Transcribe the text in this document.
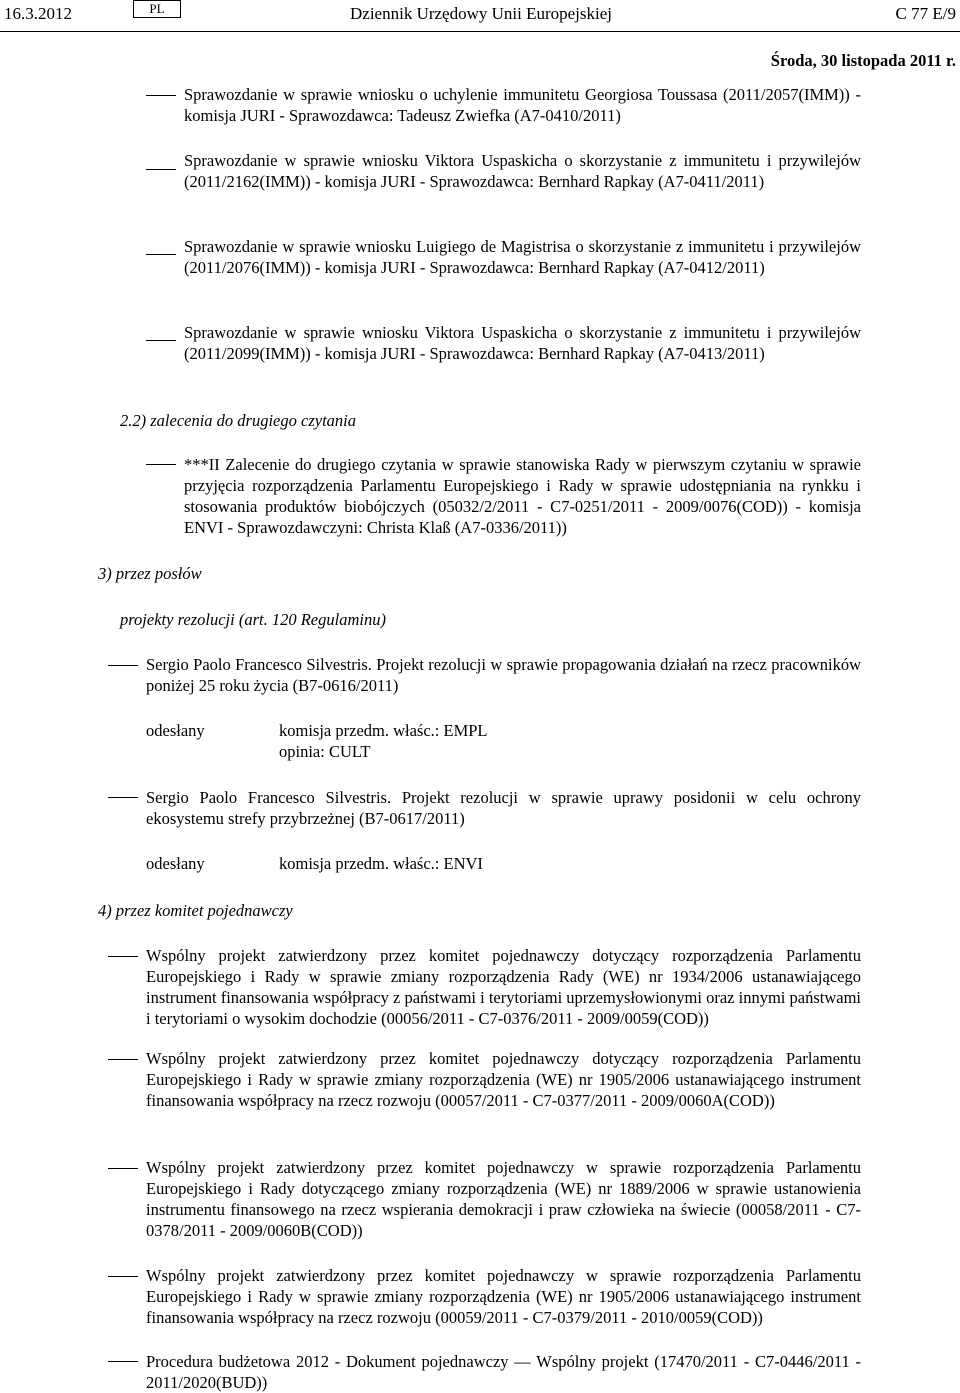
16.3.2012	PL	Dziennik Urzędowy Unii Europejskiej	C 77 E/9
Środa, 30 listopada 2011 r.
Sprawozdanie w sprawie wniosku o uchylenie immunitetu Georgiosa Toussasa (2011/2057(IMM)) - komisja JURI - Sprawozdawca: Tadeusz Zwiefka (A7-0410/2011)
Sprawozdanie w sprawie wniosku Viktora Uspaskicha o skorzystanie z immunitetu i przywilejów (2011/2162(IMM)) - komisja JURI - Sprawozdawca: Bernhard Rapkay (A7-0411/2011)
Sprawozdanie w sprawie wniosku Luigiego de Magistrisa o skorzystanie z immunitetu i przywilejów (2011/2076(IMM)) - komisja JURI - Sprawozdawca: Bernhard Rapkay (A7-0412/2011)
Sprawozdanie w sprawie wniosku Viktora Uspaskicha o skorzystanie z immunitetu i przywilejów (2011/2099(IMM)) - komisja JURI - Sprawozdawca: Bernhard Rapkay (A7-0413/2011)
2.2) zalecenia do drugiego czytania
***II Zalecenie do drugiego czytania w sprawie stanowiska Rady w pierwszym czytaniu w sprawie przyjęcia rozporządzenia Parlamentu Europejskiego i Rady w sprawie udostępniania na rynkku i stosowania produktów biobójczych (05032/2/2011 - C7-0251/2011 - 2009/0076(COD)) - komisja ENVI - Sprawozdawczyni: Christa Klaß (A7-0336/2011))
3) przez posłów
projekty rezolucji (art. 120 Regulaminu)
Sergio Paolo Francesco Silvestris. Projekt rezolucji w sprawie propagowania działań na rzecz pracowników poniżej 25 roku życia (B7-0616/2011)
odesłany	komisja przedm. właśc.: EMPL
opinia: CULT
Sergio Paolo Francesco Silvestris. Projekt rezolucji w sprawie uprawy posidonii w celu ochrony ekosystemu strefy przybrzeżnej (B7-0617/2011)
odesłany	komisja przedm. właśc.: ENVI
4) przez komitet pojednawczy
Wspólny projekt zatwierdzony przez komitet pojednawczy dotyczący rozporządzenia Parlamentu Europejskiego i Rady w sprawie zmiany rozporządzenia Rady (WE) nr 1934/2006 ustanawiającego instrument finansowania współpracy z państwami i terytoriami uprzemysłowionymi oraz innymi państwami i terytoriami o wysokim dochodzie (00056/2011 - C7-0376/2011 - 2009/0059(COD))
Wspólny projekt zatwierdzony przez komitet pojednawczy dotyczący rozporządzenia Parlamentu Europejskiego i Rady w sprawie zmiany rozporządzenia (WE) nr 1905/2006 ustanawiającego instrument finansowania współpracy na rzecz rozwoju (00057/2011 - C7-0377/2011 - 2009/0060A(COD))
Wspólny projekt zatwierdzony przez komitet pojednawczy w sprawie rozporządzenia Parlamentu Europejskiego i Rady dotyczącego zmiany rozporządzenia (WE) nr 1889/2006 w sprawie ustanowienia instrumentu finansowego na rzecz wspierania demokracji i praw człowieka na świecie (00058/2011 - C7-0378/2011 - 2009/0060B(COD))
Wspólny projekt zatwierdzony przez komitet pojednawczy w sprawie rozporządzenia Parlamentu Europejskiego i Rady w sprawie zmiany rozporządzenia (WE) nr 1905/2006 ustanawiającego instrument finansowania współpracy na rzecz rozwoju (00059/2011 - C7-0379/2011 - 2010/0059(COD))
Procedura budżetowa 2012 - Dokument pojednawczy — Wspólny projekt (17470/2011 - C7-0446/2011 - 2011/2020(BUD))
